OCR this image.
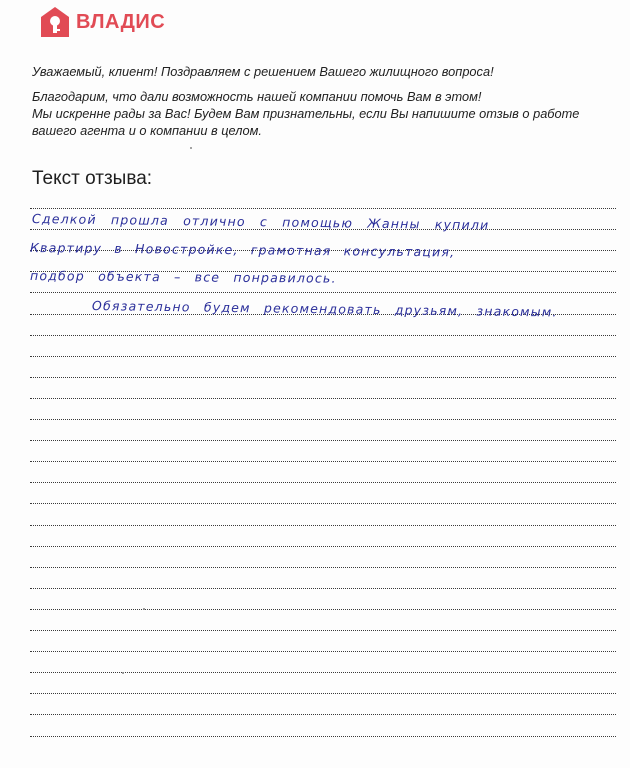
ВЛАДИС

Уважаемый, клиент! Поздравляем с решением Вашего жилищного вопроса!

Благодарим, что дали возможность нашей компании помочь Вам в этом!

Мы искренне рады за Вас! Будем Вам признательны, если Вы напишите отзыв о работе

вашего агента и о компании в целом.

Текст отзыва:
Сделкой прошла отлично с помощью Жанны купили
Квартиру в Новостройке, грамотная консультация,
подбор объекта – все понравилось.
Обязательно будем рекомендовать друзьям, знакомым.
